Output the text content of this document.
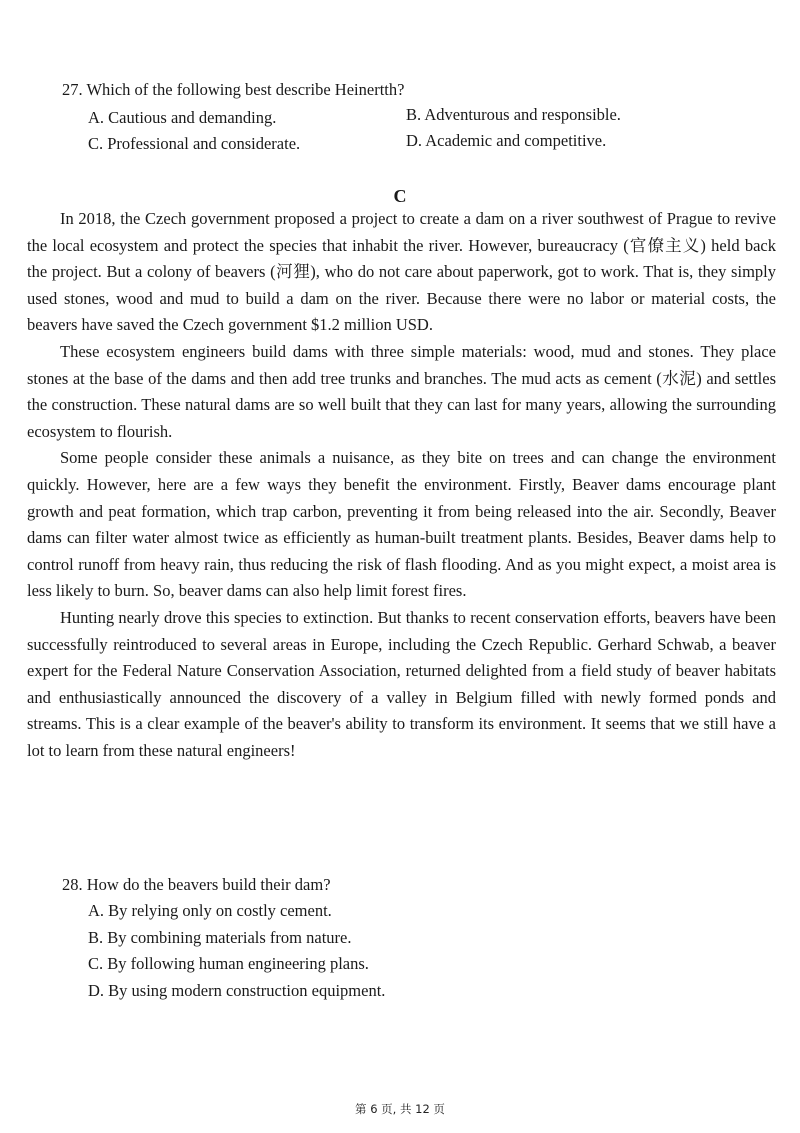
27. Which of the following best describe Heinertth?
A. Cautious and demanding.	B. Adventurous and responsible.
C. Professional and considerate.	D. Academic and competitive.
C

In 2018, the Czech government proposed a project to create a dam on a river southwest of Prague to revive the local ecosystem and protect the species that inhabit the river. However, bureaucracy (官僚主义) held back the project. But a colony of beavers (河狸), who do not care about paperwork, got to work. That is, they simply used stones, wood and mud to build a dam on the river. Because there were no labor or material costs, the beavers have saved the Czech government $1.2 million USD.

These ecosystem engineers build dams with three simple materials: wood, mud and stones. They place stones at the base of the dams and then add tree trunks and branches. The mud acts as cement (水泥) and settles the construction. These natural dams are so well built that they can last for many years, allowing the surrounding ecosystem to flourish.

Some people consider these animals a nuisance, as they bite on trees and can change the environment quickly. However, here are a few ways they benefit the environment. Firstly, Beaver dams encourage plant growth and peat formation, which trap carbon, preventing it from being released into the air. Secondly, Beaver dams can filter water almost twice as efficiently as human-built treatment plants. Besides, Beaver dams help to control runoff from heavy rain, thus reducing the risk of flash flooding. And as you might expect, a moist area is less likely to burn. So, beaver dams can also help limit forest fires.

Hunting nearly drove this species to extinction. But thanks to recent conservation efforts, beavers have been successfully reintroduced to several areas in Europe, including the Czech Republic. Gerhard Schwab, a beaver expert for the Federal Nature Conservation Association, returned delighted from a field study of beaver habitats and enthusiastically announced the discovery of a valley in Belgium filled with newly formed ponds and streams. This is a clear example of the beaver's ability to transform its environment. It seems that we still have a lot to learn from these natural engineers!

28. How do the beavers build their dam?
A. By relying only on costly cement.
B. By combining materials from nature.
C. By following human engineering plans.
D. By using modern construction equipment.
第 6 页, 共 12 页
